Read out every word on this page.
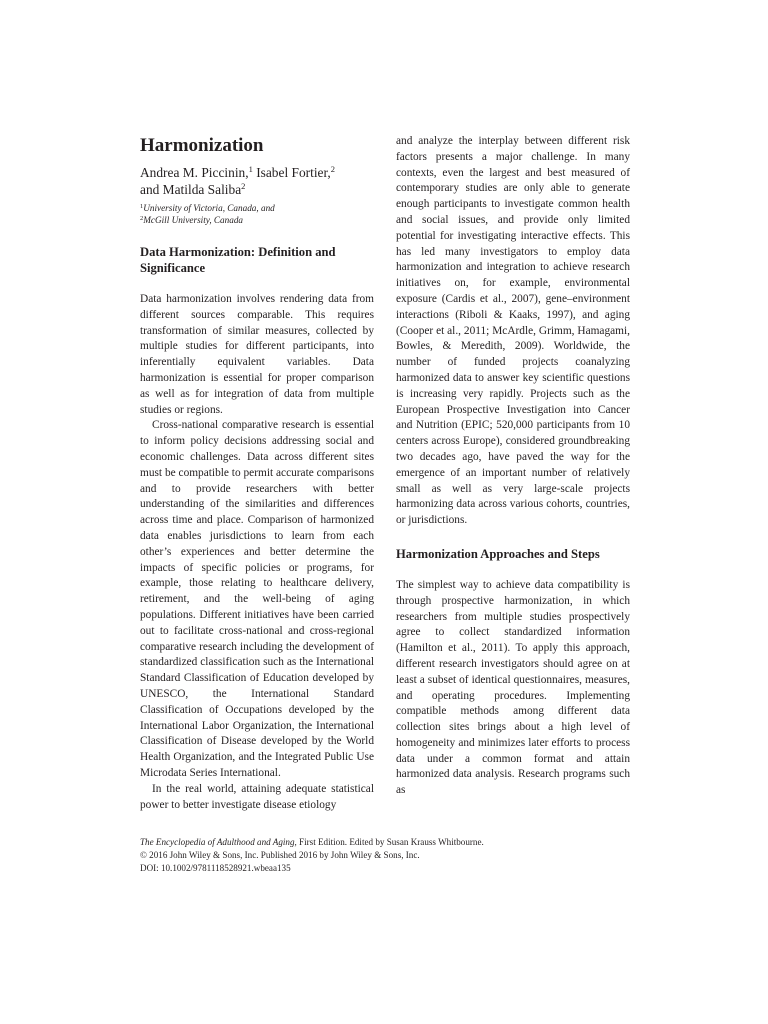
Harmonization
Andrea M. Piccinin,$^1$ Isabel Fortier,$^2$
and Matilda Saliba$^2$
$^1$University of Victoria, Canada, and
$^2$McGill University, Canada
Data Harmonization: Definition and Significance

Data harmonization involves rendering data from different sources comparable. This requires transformation of similar measures, collected by multiple studies for different participants, into inferentially equivalent variables. Data harmonization is essential for proper comparison as well as for integration of data from multiple studies or regions.

Cross-national comparative research is essential to inform policy decisions addressing social and economic challenges. Data across different sites must be compatible to permit accurate comparisons and to provide researchers with better understanding of the similarities and differences across time and place. Comparison of harmonized data enables jurisdictions to learn from each other’s experiences and better determine the impacts of specific policies or programs, for example, those relating to healthcare delivery, retirement, and the well-being of aging populations. Different initiatives have been carried out to facilitate cross-national and cross-regional comparative research including the development of standardized classification such as the International Standard Classification of Education developed by UNESCO, the International Standard Classification of Occupations developed by the International Labor Organization, the International Classification of Disease developed by the World Health Organization, and the Integrated Public Use Microdata Series International.

In the real world, attaining adequate statistical power to better investigate disease etiology

and analyze the interplay between different risk factors presents a major challenge. In many contexts, even the largest and best measured of contemporary studies are only able to generate enough participants to investigate common health and social issues, and provide only limited potential for investigating interactive effects. This has led many investigators to employ data harmonization and integration to achieve research initiatives on, for example, environmental exposure (Cardis et al., 2007), gene–environment interactions (Riboli & Kaaks, 1997), and aging (Cooper et al., 2011; McArdle, Grimm, Hamagami, Bowles, & Meredith, 2009). Worldwide, the number of funded projects coanalyzing harmonized data to answer key scientific questions is increasing very rapidly. Projects such as the European Prospective Investigation into Cancer and Nutrition (EPIC; 520,000 participants from 10 centers across Europe), considered groundbreaking two decades ago, have paved the way for the emergence of an important number of relatively small as well as very large-scale projects harmonizing data across various cohorts, countries, or jurisdictions.

Harmonization Approaches and Steps

The simplest way to achieve data compatibility is through prospective harmonization, in which researchers from multiple studies prospectively agree to collect standardized information (Hamilton et al., 2011). To apply this approach, different research investigators should agree on at least a subset of identical questionnaires, measures, and operating procedures. Implementing compatible methods among different data collection sites brings about a high level of homogeneity and minimizes later efforts to process data under a common format and attain harmonized data analysis. Research programs such as

The Encyclopedia of Adulthood and Aging, First Edition. Edited by Susan Krauss Whitbourne.
© 2016 John Wiley & Sons, Inc. Published 2016 by John Wiley & Sons, Inc.
DOI: 10.1002/9781118528921.wbeaa135
